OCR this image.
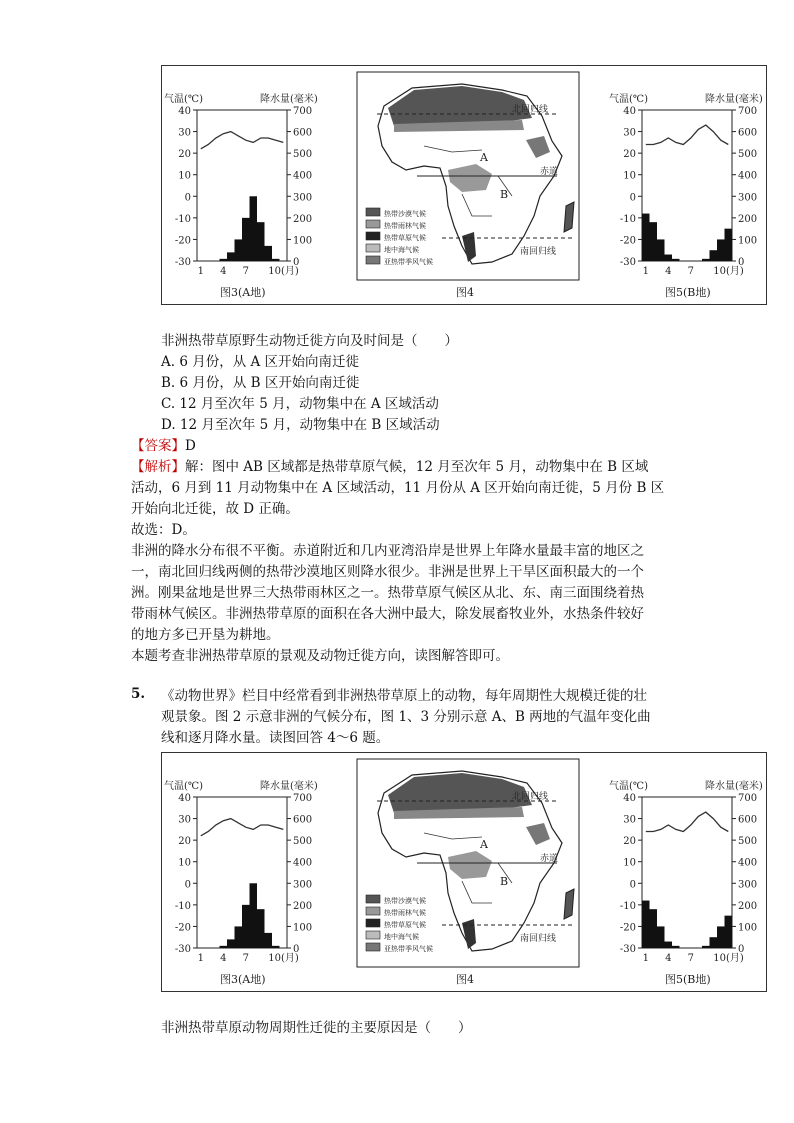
气温(℃)	降水量(毫米)
40
30
20
10
0
-10
-20
-30
700
600
500
400
300
200
100
0
1 4 7 10(月)
图3(A地)
北回归线
赤道
南回归线
A
B
热带沙漠气候
热带雨林气候
热带草原气候
地中海气候
亚热带季风气候
图4
气温(℃)	降水量(毫米)
40
30
20
10
0
-10
-20
-30
700
600
500
400
300
200
100
0
1 4 7 10(月)
图5(B地)
非洲热带草原野生动物迁徙方向及时间是（　　）
A. 6 月份，从 A 区开始向南迁徙
B. 6 月份，从 B 区开始向南迁徙
C. 12 月至次年 5 月，动物集中在 A 区域活动
D. 12 月至次年 5 月，动物集中在 B 区域活动
【答案】D
【解析】解：图中 AB 区域都是热带草原气候，12 月至次年 5 月，动物集中在 B 区域
活动，6 月到 11 月动物集中在 A 区域活动，11 月份从 A 区开始向南迁徙，5 月份 B 区
开始向北迁徙，故 D 正确。
故选：D。
非洲的降水分布很不平衡。赤道附近和几内亚湾沿岸是世界上年降水量最丰富的地区之
一，南北回归线两侧的热带沙漠地区则降水很少。非洲是世界上干旱区面积最大的一个
洲。刚果盆地是世界三大热带雨林区之一。热带草原气候区从北、东、南三面围绕着热
带雨林气候区。非洲热带草原的面积在各大洲中最大，除发展畜牧业外，水热条件较好
的地方多已开垦为耕地。
本题考查非洲热带草原的景观及动物迁徙方向，读图解答即可。
5. 《动物世界》栏目中经常看到非洲热带草原上的动物，每年周期性大规模迁徙的壮
观景象。图 2 示意非洲的气候分布，图 1、3 分别示意 A、B 两地的气温年变化曲
线和逐月降水量。读图回答 4～6 题。
气温(℃)	降水量(毫米)
40
30
20
10
0
-10
-20
-30
700
600
500
400
300
200
100
0
1 4 7 10(月)
图3(A地)
北回归线
赤道
南回归线
A
B
热带沙漠气候
热带雨林气候
热带草原气候
地中海气候
亚热带季风气候
图4
气温(℃)	降水量(毫米)
40
30
20
10
0
-10
-20
-30
700
600
500
400
300
200
100
0
1 4 7 10(月)
图5(B地)
非洲热带草原动物周期性迁徙的主要原因是（　　）
